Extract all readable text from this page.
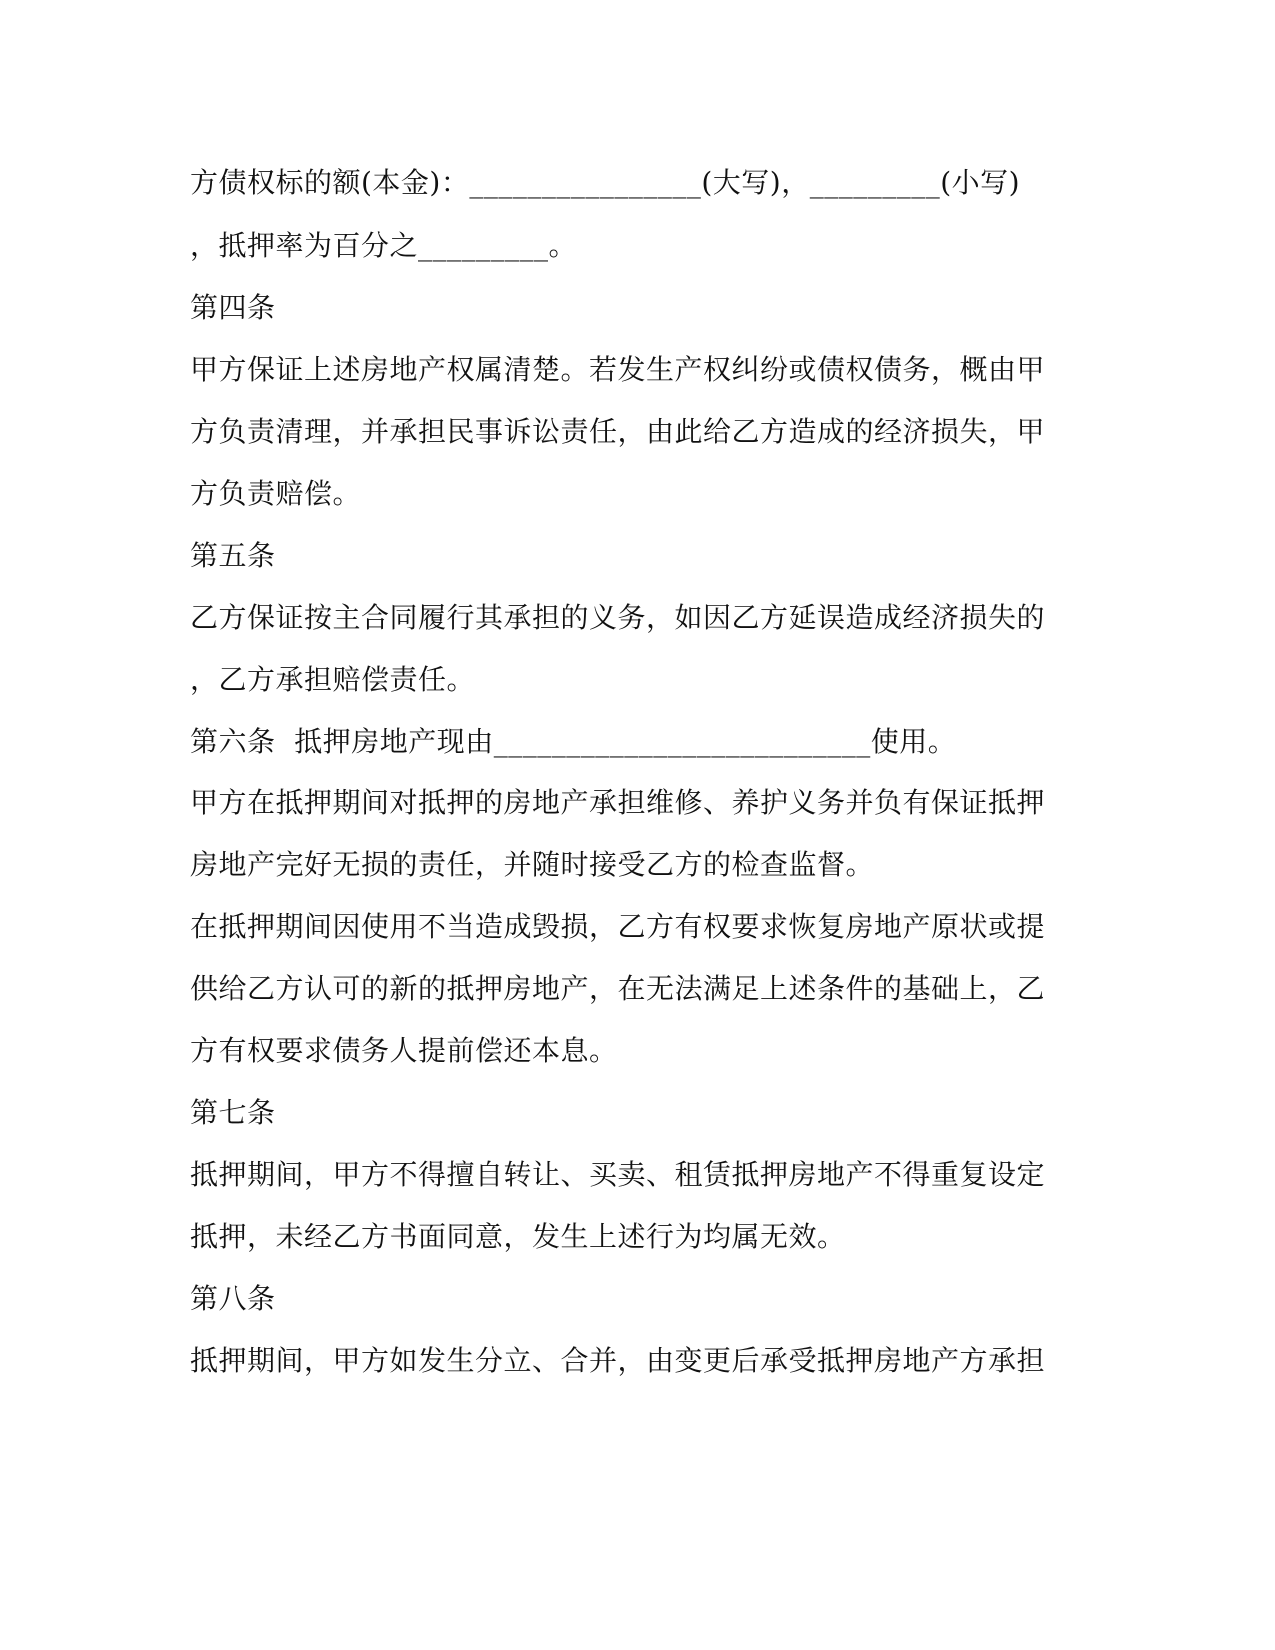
方债权标的额(本金)：________________(大写)，_________(小写)
，抵押率为百分之_________。
第四条
甲方保证上述房地产权属清楚。若发生产权纠纷或债权债务，概由甲
方负责清理，并承担民事诉讼责任，由此给乙方造成的经济损失，甲
方负责赔偿。
第五条
乙方保证按主合同履行其承担的义务，如因乙方延误造成经济损失的
，乙方承担赔偿责任。
第六条  抵押房地产现由__________________________使用。
甲方在抵押期间对抵押的房地产承担维修、养护义务并负有保证抵押
房地产完好无损的责任，并随时接受乙方的检查监督。
在抵押期间因使用不当造成毁损，乙方有权要求恢复房地产原状或提
供给乙方认可的新的抵押房地产，在无法满足上述条件的基础上，乙
方有权要求债务人提前偿还本息。
第七条
抵押期间，甲方不得擅自转让、买卖、租赁抵押房地产不得重复设定
抵押，未经乙方书面同意，发生上述行为均属无效。
第八条
抵押期间，甲方如发生分立、合并，由变更后承受抵押房地产方承担
